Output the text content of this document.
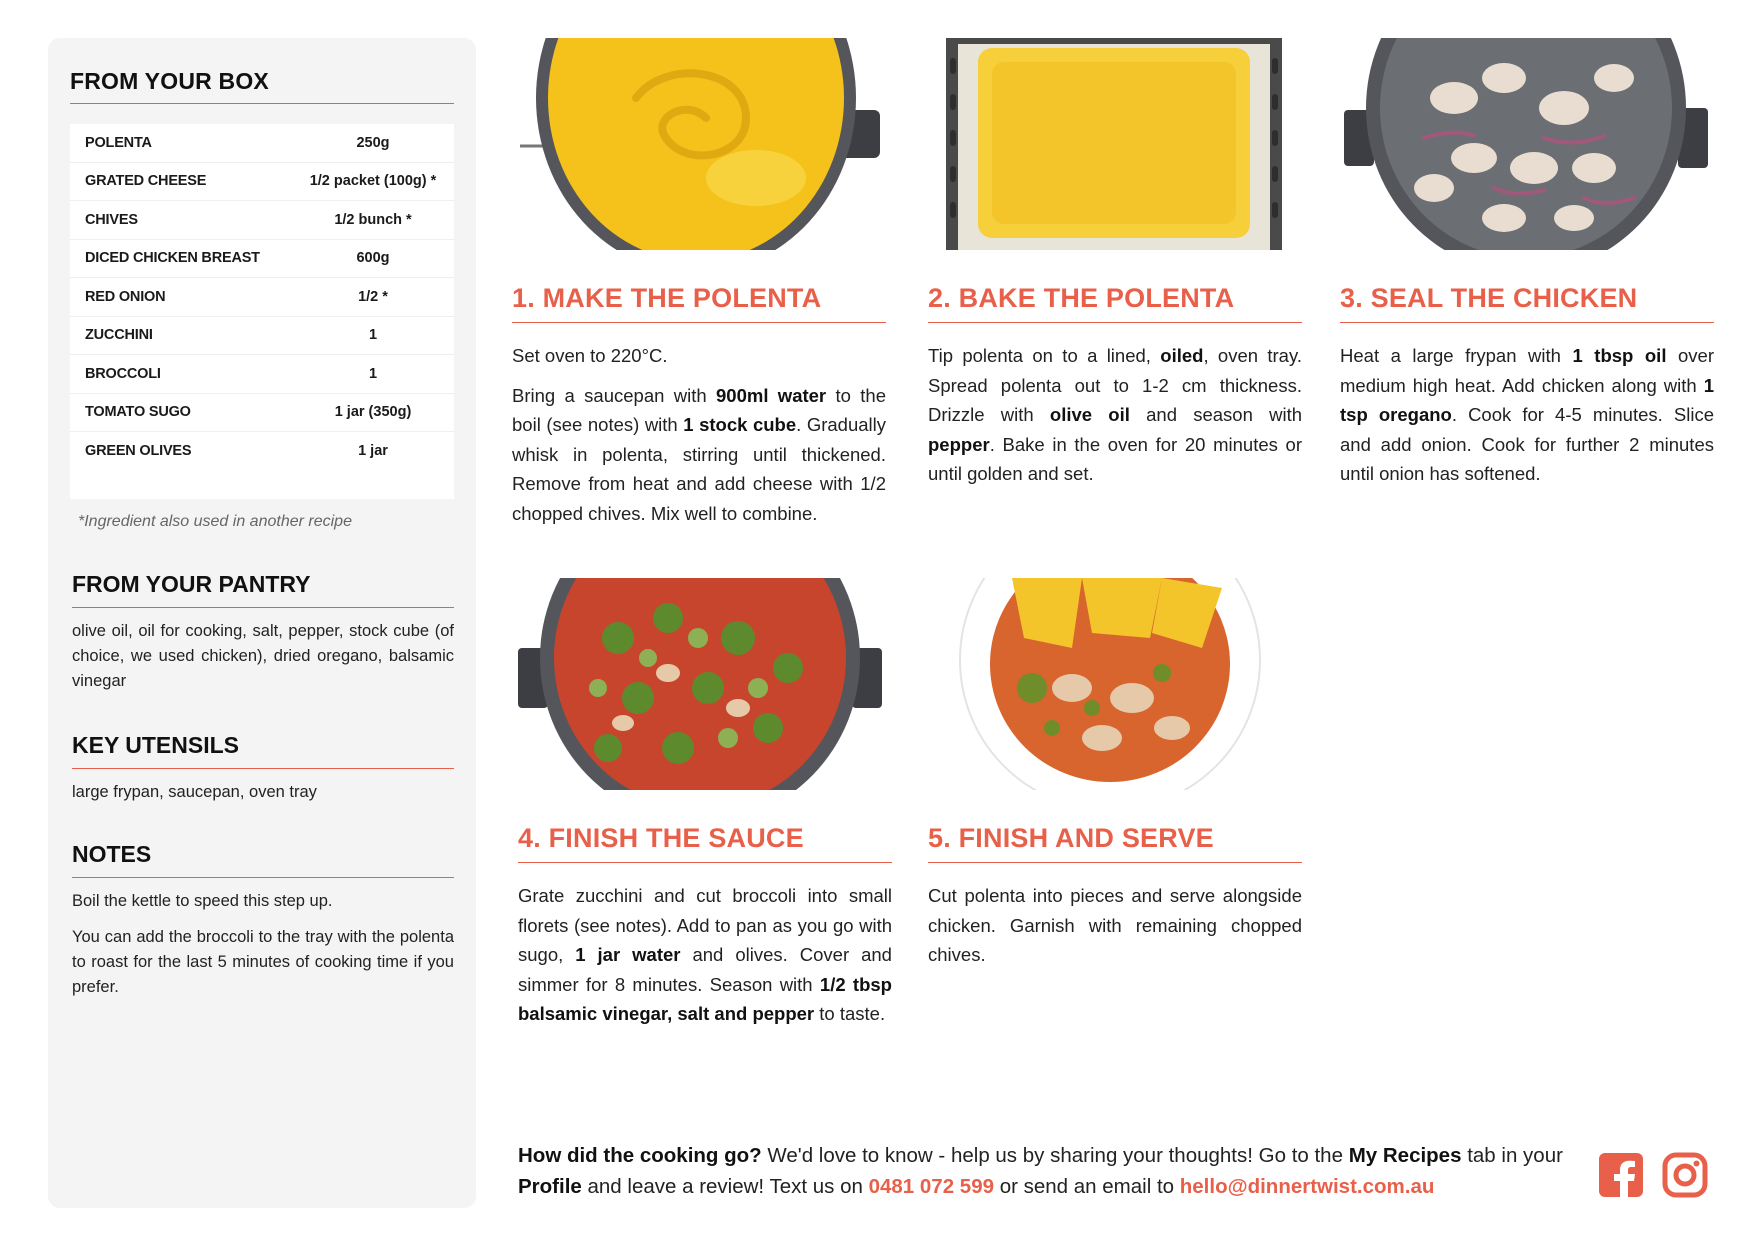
FROM YOUR BOX
POLENTA	250g
GRATED CHEESE	1/2 packet (100g) *
CHIVES	1/2 bunch *
DICED CHICKEN BREAST	600g
RED ONION	1/2 *
ZUCCHINI	1
BROCCOLI	1
TOMATO SUGO	1 jar (350g)
GREEN OLIVES	1 jar
*Ingredient also used in another recipe
FROM YOUR PANTRY
olive oil, oil for cooking, salt, pepper, stock cube (of choice, we used chicken), dried oregano, balsamic vinegar
KEY UTENSILS
large frypan, saucepan, oven tray
NOTES
Boil the kettle to speed this step up.
You can add the broccoli to the tray with the polenta to roast for the last 5 minutes of cooking time if you prefer.
1. MAKE THE POLENTA

Set oven to 220°C.

Bring a saucepan with 900ml water to the boil (see notes) with 1 stock cube. Gradually whisk in polenta, stirring until thickened. Remove from heat and add cheese with 1/2 chopped chives. Mix well to combine.

2. BAKE THE POLENTA

Tip polenta on to a lined, oiled, oven tray. Spread polenta out to 1-2 cm thickness. Drizzle with olive oil and season with pepper. Bake in the oven for 20 minutes or until golden and set.

3. SEAL THE CHICKEN

Heat a large frypan with 1 tbsp oil over medium high heat. Add chicken along with 1 tsp oregano. Cook for 4-5 minutes. Slice and add onion. Cook for further 2 minutes until onion has softened.

4. FINISH THE SAUCE

Grate zucchini and cut broccoli into small florets (see notes). Add to pan as you go with sugo, 1 jar water and olives. Cover and simmer for 8 minutes. Season with 1/2 tbsp balsamic vinegar, salt and pepper to taste.

5. FINISH AND SERVE

Cut polenta into pieces and serve alongside chicken. Garnish with remaining chopped chives.

How did the cooking go? We'd love to know - help us by sharing your thoughts! Go to the My Recipes tab in your Profile and leave a review! Text us on 0481 072 599 or send an email to hello@dinnertwist.com.au
